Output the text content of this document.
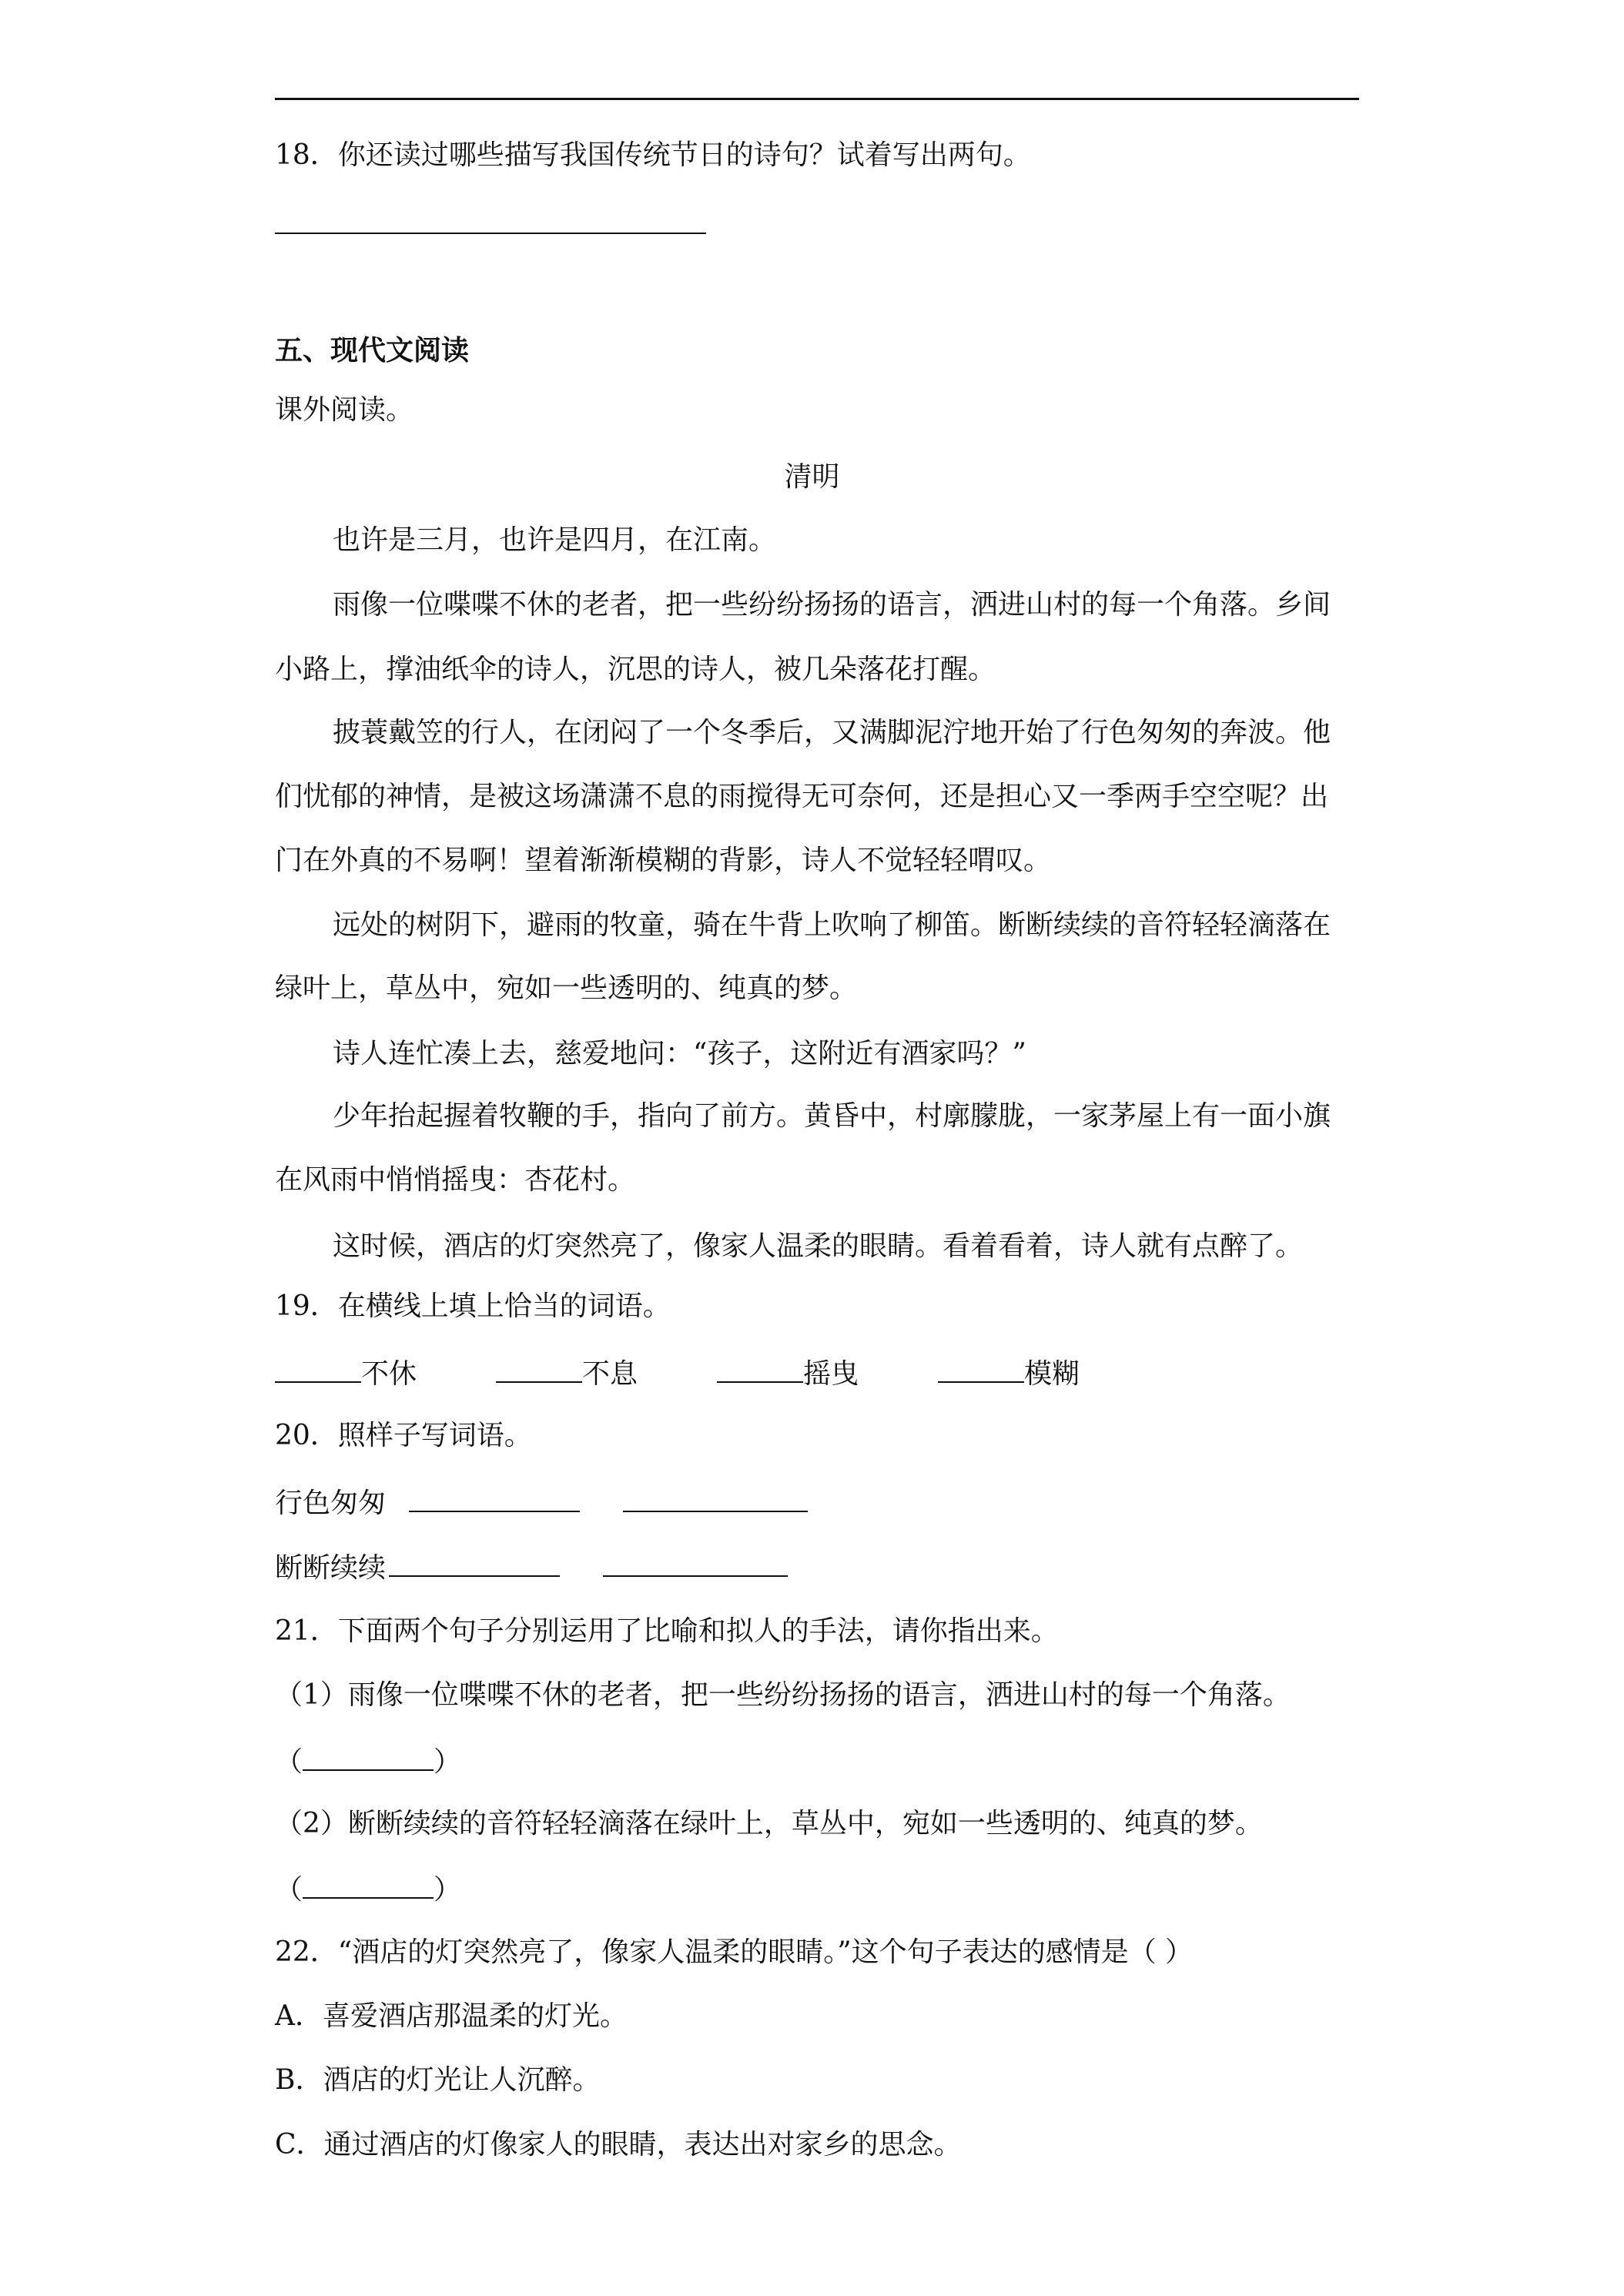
18．你还读过哪些描写我国传统节日的诗句？试着写出两句。
五、现代文阅读
课外阅读。
清明
也许是三月，也许是四月，在江南。
雨像一位喋喋不休的老者，把一些纷纷扬扬的语言，洒进山村的每一个角落。乡间
小路上，撑油纸伞的诗人，沉思的诗人，被几朵落花打醒。
披蓑戴笠的行人，在闭闷了一个冬季后，又满脚泥泞地开始了行色匆匆的奔波。他
们忧郁的神情，是被这场潇潇不息的雨搅得无可奈何，还是担心又一季两手空空呢？出
门在外真的不易啊！望着渐渐模糊的背影，诗人不觉轻轻喟叹。
远处的树阴下，避雨的牧童，骑在牛背上吹响了柳笛。断断续续的音符轻轻滴落在
绿叶上，草丛中，宛如一些透明的、纯真的梦。
诗人连忙凑上去，慈爱地问：“孩子，这附近有酒家吗？”
少年抬起握着牧鞭的手，指向了前方。黄昏中，村廓朦胧，一家茅屋上有一面小旗
在风雨中悄悄摇曳：杏花村。
这时候，酒店的灯突然亮了，像家人温柔的眼睛。看着看着，诗人就有点醉了。
19．在横线上填上恰当的词语。
不休	不息	摇曳	模糊
20．照样子写词语。
行色匆匆
断断续续
21．下面两个句子分别运用了比喻和拟人的手法，请你指出来。
（1）雨像一位喋喋不休的老者，把一些纷纷扬扬的语言，洒进山村的每一个角落。
（	）
（2）断断续续的音符轻轻滴落在绿叶上，草丛中，宛如一些透明的、纯真的梦。
（	）
22．“酒店的灯突然亮了，像家人温柔的眼睛。”这个句子表达的感情是（ ）
A．喜爱酒店那温柔的灯光。
B．酒店的灯光让人沉醉。
C．通过酒店的灯像家人的眼睛，表达出对家乡的思念。
